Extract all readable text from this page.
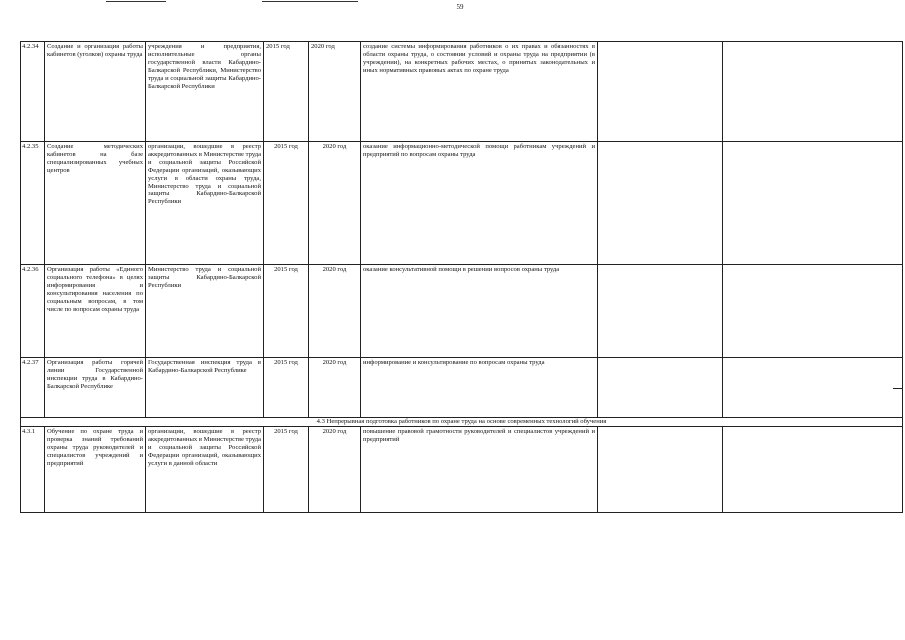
59
4.2.34	Создание и организация работы кабинетов (уголков) охраны труда	учреждения и предприятия, исполнительные органы государственной власти Кабардино-Балкарской Республики, Министерство труда и социальной защиты Кабардино-Балкарской Республики	2015 год	2020 год	создание системы информирования работников о их правах и обязанностях в области охраны труда, о состоянии условий и охраны труда на предприятии (в учреждении), на конкретных рабочих местах, о принятых законодательных и иных нормативных правовых актах по охране труда		
4.2.35	Создание методических кабинетов на базе специализированных учебных центров	организации, вошедшие в реестр аккредитованных в Министерстве труда и социальной защиты Российской Федерации организаций, оказывающих услуги в области охраны труда, Министерство труда и социальной защиты Кабардино-Балкарской Республики	2015 год	2020 год	оказание информационно-методической помощи работникам учреждений и предприятий по вопросам охраны труда		
4.2.36	Организация работы «Единого социального телефона» в целях информирования и консультирования населения по социальным вопросам, в том числе по вопросам охраны труда	Министерство труда и социальной защиты Кабардино-Балкарской Республики	2015 год	2020 год	оказание консультативной помощи в решении вопросов охраны труда		
4.2.37	Организация работы горячей линии Государственной инспекции труда в Кабардино-Балкарской Республике	Государственная инспекция труда в Кабардино-Балкарской Республике	2015 год	2020 год	информирование и консультирование по вопросам охраны труда		
4.3 Непрерывная подготовка работников по охране труда на основе современных технологий обучения							
4.3.1	Обучение по охране труда и проверка знаний требований охраны труда руководителей и специалистов учреждений и предприятий	организации, вошедшие в реестр аккредитованных в Министерстве труда и социальной защиты Российской Федерации организаций, оказывающих услуги в данной области	2015 год	2020 год	повышение правовой грамотности руководителей и специалистов учреждений и предприятий		
